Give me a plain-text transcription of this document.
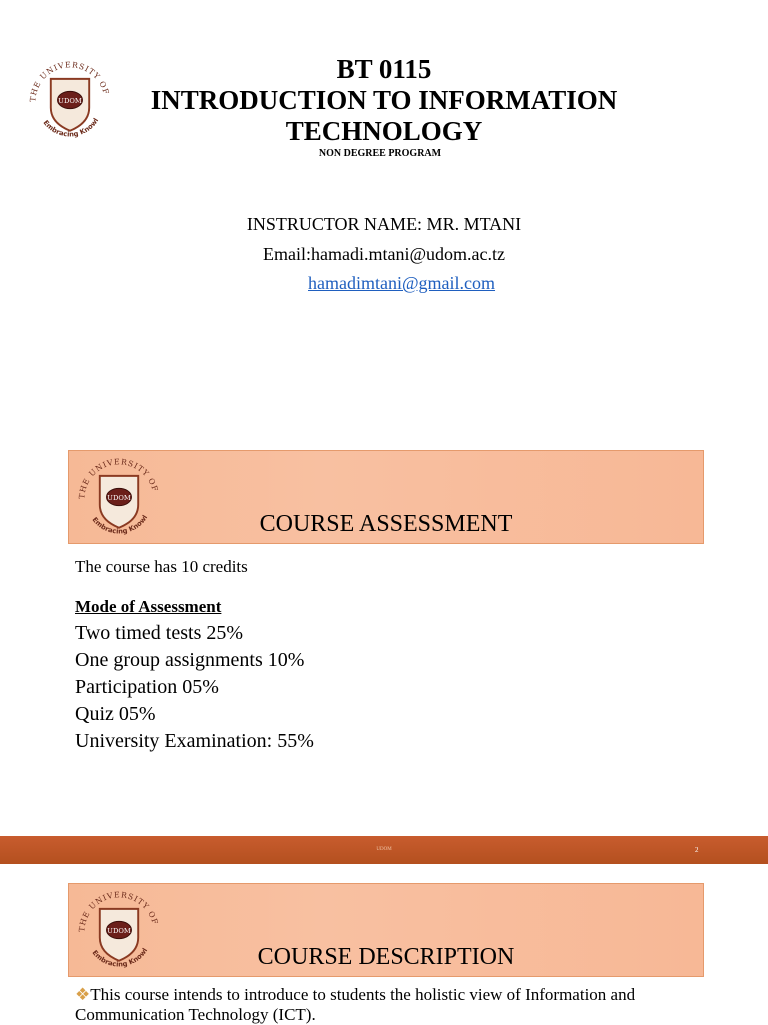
THE UNIVERSITY OF
UDOM
Embracing Knowl
BT 0115
INTRODUCTION TO INFORMATION
TECHNOLOGY
NON DEGREE PROGRAM
INSTRUCTOR NAME: MR. MTANI
Email:hamadi.mtani@udom.ac.tz
hamadimtani@gmail.com
THE UNIVERSITY OF
UDOM
Embracing Knowl	COURSE ASSESSMENT
The course has 10 credits
Mode of Assessment
Two timed tests 25%
One group assignments 10%
Participation 05%
Quiz 05%
University Examination: 55%
UDOM	2
THE UNIVERSITY OF
UDOM
Embracing Knowl	COURSE DESCRIPTION
❖This course intends to introduce to students the holistic view of Information and
Communication Technology (ICT).
